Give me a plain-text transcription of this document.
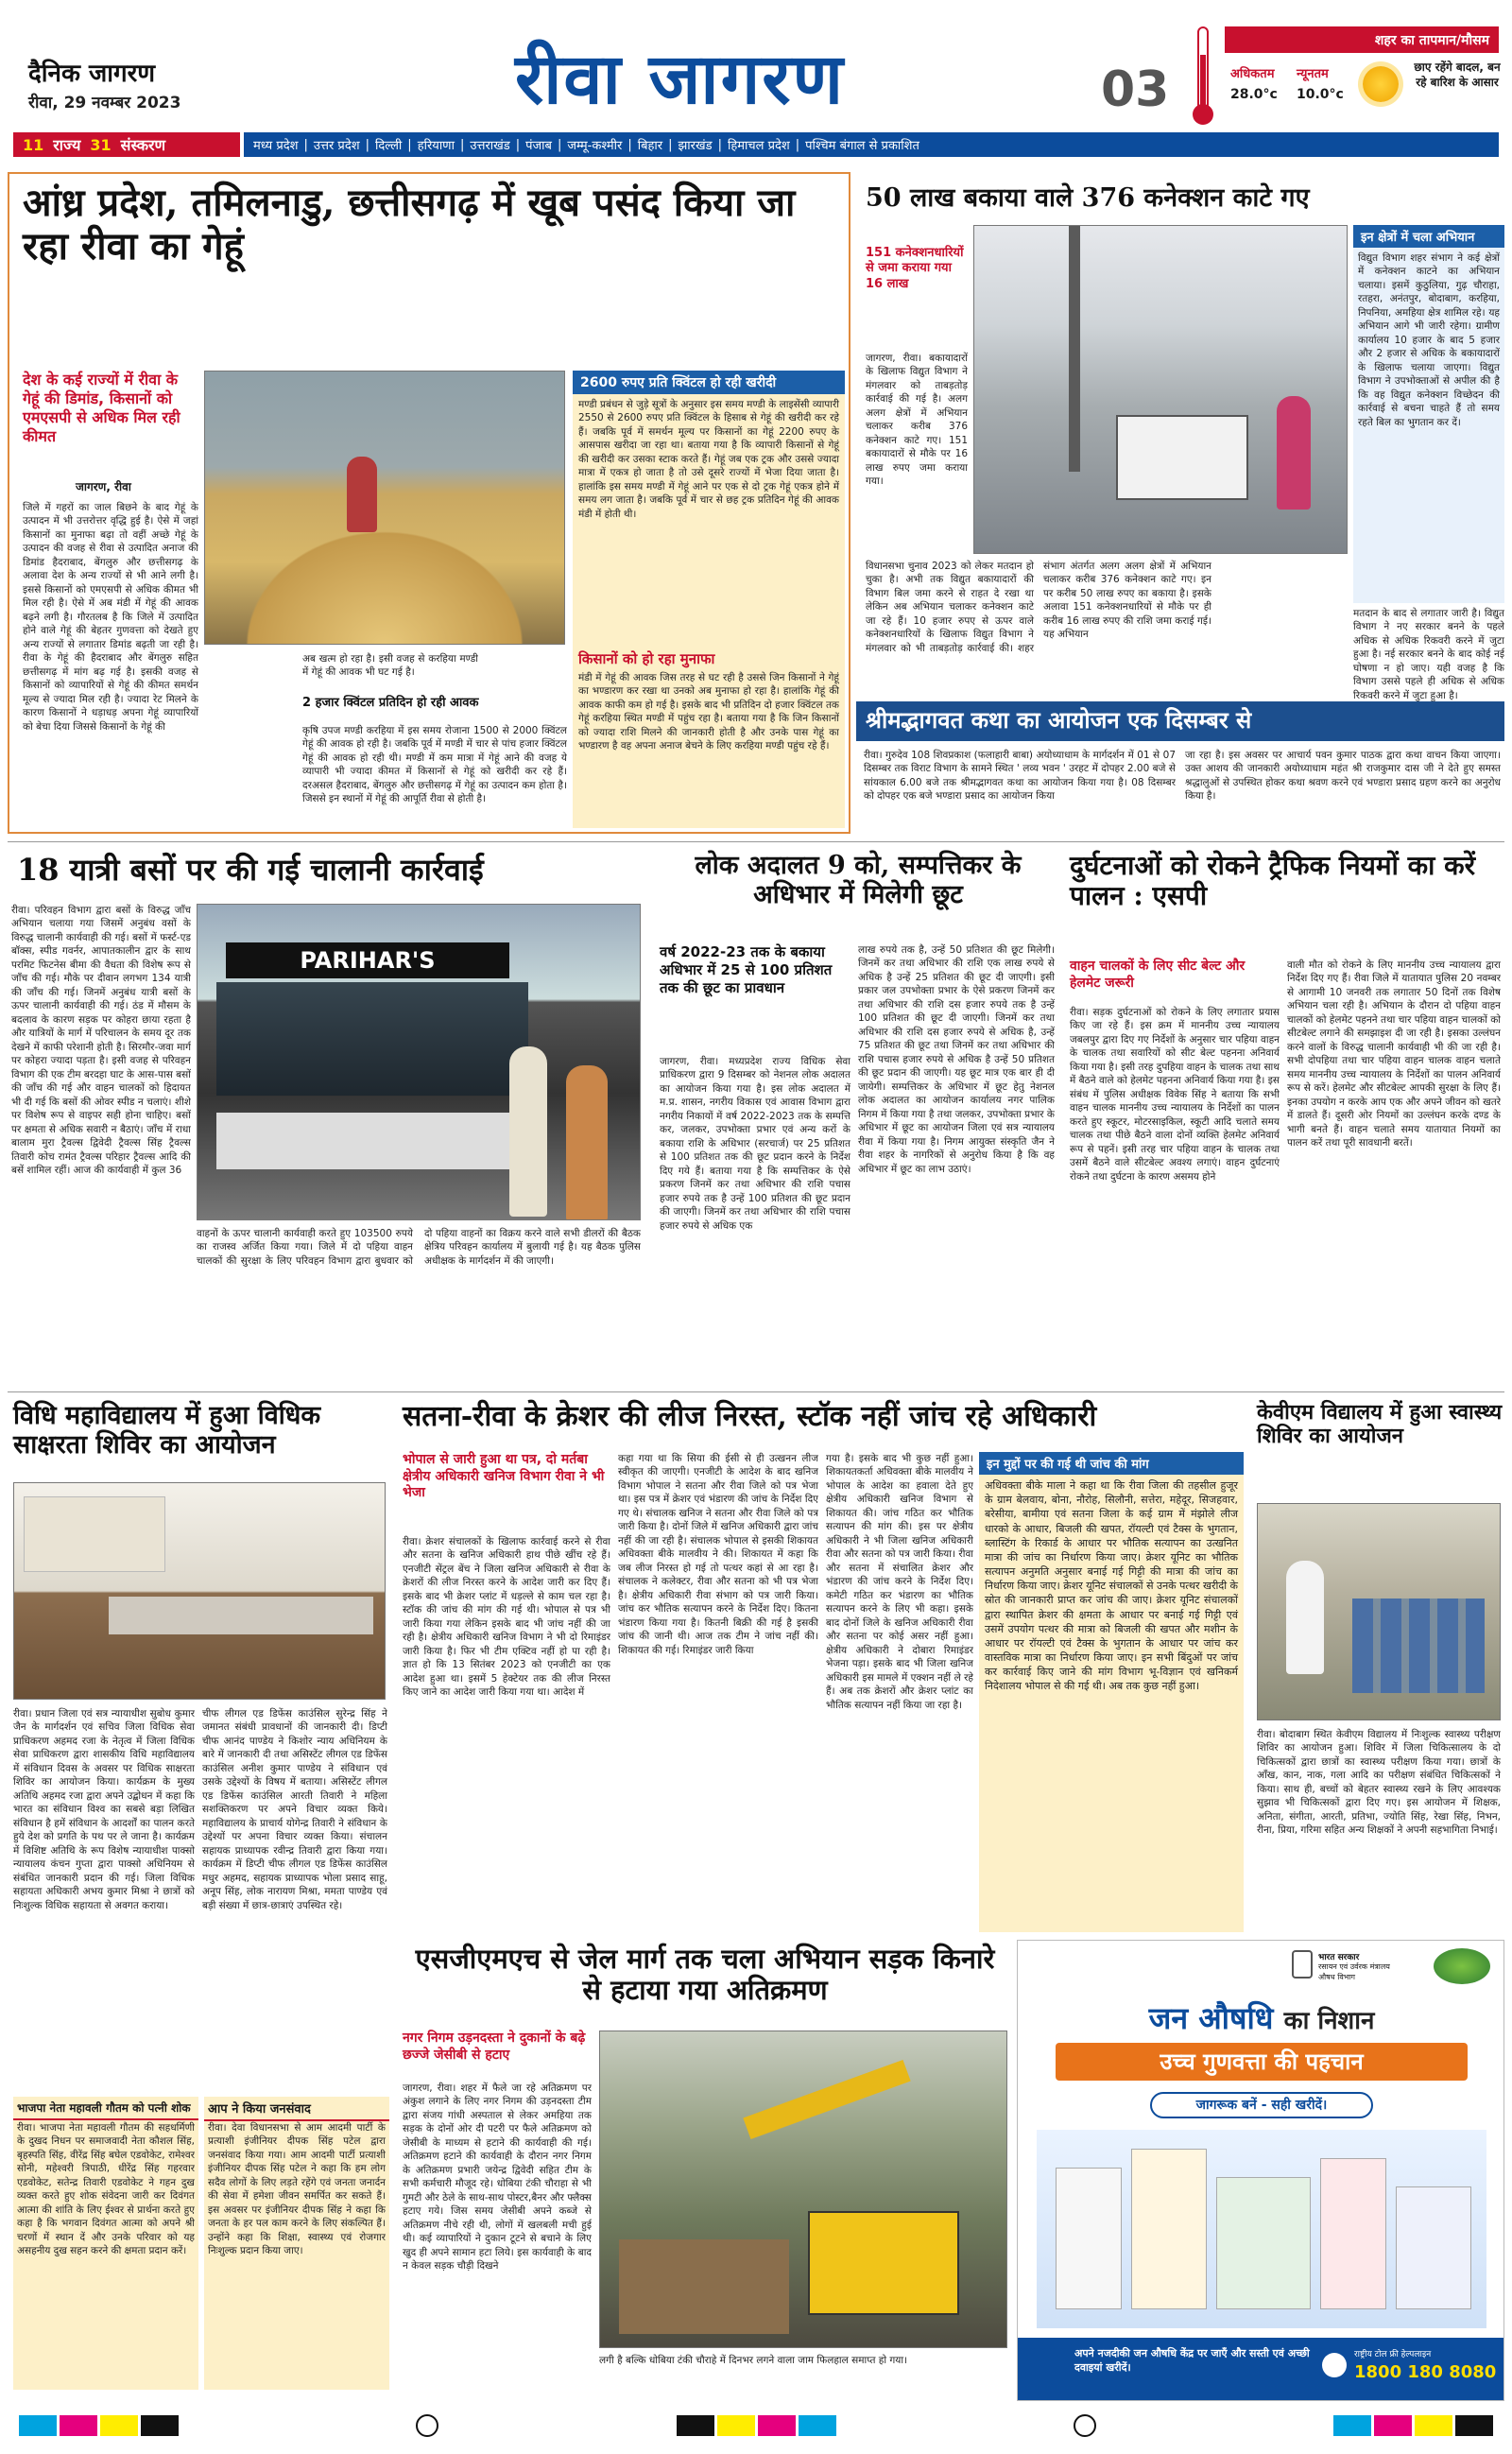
दैनिक जागरण
रीवा, 29 नवम्बर 2023	रीवा जागरण	03
शहर का तापमान/मौसम
अधिकतम न्यूनतम
28.0°c 10.0°c
छाए रहेंगे बादल, बन रहे बारिश के आसार
11 राज्य 31 संस्करण	मध्य प्रदेश | उत्तर प्रदेश | दिल्ली | हरियाणा | उत्तराखंड | पंजाब | जम्मू-कश्मीर | बिहार | झारखंड | हिमाचल प्रदेश | पश्चिम बंगाल से प्रकाशित
आंध्र प्रदेश, तमिलनाडु, छत्तीसगढ़ में खूब पसंद किया जा रहा रीवा का गेहूं
देश के कई राज्यों में रीवा के गेहूं की डिमांड, किसानों को एमएसपी से अधिक मिल रही कीमत
जागरण, रीवा
जिले में गहरों का जाल बिछने के बाद गेहूं के उत्पादन में भी उत्तरोत्तर वृद्धि हुई है। ऐसे में जहां किसानों का मुनाफा बढ़ा तो वहीं अच्छे गेहूं के उत्पादन की वजह से रीवा से उत्पादित अनाज की डिमांड हैदराबाद, बेंगलुरु और छत्तीसगढ़ के अलावा देश के अन्य राज्यों से भी आने लगी है। इससे किसानों को एमएसपी से अधिक कीमत भी मिल रही है। ऐसे में अब मंडी में गेहूं की आवक बढ़ने लगी है। गौरतलब है कि जिले में उत्पादित होने वाले गेहूं की बेहतर गुणवत्ता को देखते हुए अन्य राज्यों से लगातार डिमांड बढ़ती जा रही है। रीवा के गेहूं की हैदराबाद और बेंगलुरु सहित छत्तीसगढ़ में मांग बढ़ गई है। इसकी वजह से किसानों को व्यापारियों से गेहूं की कीमत समर्थन मूल्य से ज्यादा मिल रही है। ज्यादा रेट मिलने के कारण किसानों ने धड़ाधड़ अपना गेहूं व्यापारियों को बेचा दिया जिससे किसानों के गेहूं की
अब खत्म हो रहा है। इसी वजह से करहिया मण्डी में गेहूं की आवक भी घट गई है।
2 हजार क्विंटल प्रतिदिन हो रही आवक
कृषि उपज मण्डी करहिया में इस समय रोजाना 1500 से 2000 क्विंटल गेहूं की आवक हो रही है। जबकि पूर्व में मण्डी में चार से पांच हजार क्विंटल गेहूं की आवक हो रही थी। मण्डी में कम मात्रा में गेहूं आने की वजह ये व्यापारी भी ज्यादा कीमत में किसानों से गेहूं को खरीदी कर रहे हैं। दरअसल हैदराबाद, बेंगलुरु और छत्तीसगढ़ में गेहूं का उत्पादन कम होता है। जिससे इन स्थानों में गेहूं की आपूर्ति रीवा से होती है।
2600 रुपए प्रति क्विंटल हो रही खरीदी
मण्डी प्रबंधन से जुड़े सूत्रों के अनुसार इस समय मण्डी के लाइसेंसी व्यापारी 2550 से 2600 रुपए प्रति क्विंटल के हिसाब से गेहूं की खरीदी कर रहे हैं। जबकि पूर्व में समर्थन मूल्य पर किसानों का गेहूं 2200 रुपए के आसपास खरीदा जा रहा था। बताया गया है कि व्यापारी किसानों से गेहूं की खरीदी कर उसका स्टाक करते हैं। गेहूं जब एक ट्रक और उससे ज्यादा मात्रा में एकत्र हो जाता है तो उसे दूसरे राज्यों में भेजा दिया जाता है। हालांकि इस समय मण्डी में गेहूं आने पर एक से दो ट्रक गेहूं एकत्र होने में समय लग जाता है। जबकि पूर्व में चार से छह ट्रक प्रतिदिन गेहूं की आवक मंडी में होती थी।
किसानों को हो रहा मुनाफा
मंडी में गेहूं की आवक जिस तरह से घट रही है उससे जिन किसानों ने गेहूं का भण्डारण कर रखा था उनको अब मुनाफा हो रहा है। हालांकि गेहूं की आवक काफी कम हो गई है। इसके बाद भी प्रतिदिन दो हजार क्विंटल तक गेहूं करहिया स्थित मण्डी में पहुंच रहा है। बताया गया है कि जिन किसानों को ज्यादा राशि मिलने की जानकारी होती है और उनके पास गेहूं का भण्डारण है वह अपना अनाज बेचने के लिए करहिया मण्डी पहुंच रहे हैं।
50 लाख बकाया वाले 376 कनेक्शन काटे गए
151 कनेक्शनधारियों से जमा कराया गया 16 लाख
जागरण, रीवा। बकायादारों के खिलाफ विद्युत विभाग ने मंगलवार को ताबड़तोड़ कार्रवाई की गई है। अलग अलग क्षेत्रों में अभियान चलाकर करीब 376 कनेक्शन काटे गए। 151 बकायादारों से मौके पर 16 लाख रुपए जमा कराया गया।
इन क्षेत्रों में चला अभियान
विद्युत विभाग शहर संभाग ने कई क्षेत्रों में कनेक्शन काटने का अभियान चलाया। इसमें कुठुलिया, गुढ़ चौराहा, रतहरा, अनंतपुर, बोदाबाग, करहिया, निपनिया, अमहिया क्षेत्र शामिल रहे। यह अभियान आगे भी जारी रहेगा। ग्रामीण कार्यालय 10 हजार के बाद 5 हजार और 2 हजार से अधिक के बकायादारों के खिलाफ चलाया जाएगा। विद्युत विभाग ने उपभोक्ताओं से अपील की है कि वह विद्युत कनेक्शन विच्छेदन की कार्रवाई से बचना चाहते हैं तो समय रहते बिल का भुगतान कर दें।
विधानसभा चुनाव 2023 को लेकर मतदान हो चुका है। अभी तक विद्युत बकायादारों की विभाग बिल जमा करने से राहत दे रखा था लेकिन अब अभियान चलाकर कनेक्शन काटे जा रहे हैं। 10 हजार रुपए से ऊपर वाले कनेक्शनधारियों के खिलाफ विद्युत विभाग ने मंगलवार को भी ताबड़तोड़ कार्रवाई की। शहर संभाग अंतर्गत अलग अलग क्षेत्रों में अभियान चलाकर करीब 376 कनेक्शन काटे गए। इन पर करीब 50 लाख रुपए का बकाया है। इसके अलावा 151 कनेक्शनधारियों से मौके पर ही करीब 16 लाख रुपए की राशि जमा कराई गई। यह अभियान
मतदान के बाद से लगातार जारी है। विद्युत विभाग ने नए सरकार बनने के पहले अधिक से अधिक रिकवरी करने में जुटा हुआ है। नई सरकार बनने के बाद कोई नई घोषणा न हो जाए। यही वजह है कि विभाग उससे पहले ही अधिक से अधिक रिकवरी करने में जुटा हुआ है।
श्रीमद्भागवत कथा का आयोजन एक दिसम्बर से
रीवा। गुरुदेव 108 शिवप्रकाश (फलाहारी बाबा) अयोध्याधाम के मार्गदर्शन में 01 से 07 दिसम्बर तक विराट विभाग के सामने स्थित ' लव्य भवन ' उरहट में दोपहर 2.00 बजे से सांयकाल 6.00 बजे तक श्रीमद्भागवत कथा का आयोजन किया गया है। 08 दिसम्बर को दोपहर एक बजे भण्डारा प्रसाद का आयोजन किया
जा रहा है। इस अवसर पर आचार्य पवन कुमार पाठक द्वारा कथा वाचन किया जाएगा। उक्त आशय की जानकारी अयोध्याधाम महंत श्री राजकुमार दास जी ने देते हुए समस्त श्रद्धालुओं से उपस्थित होकर कथा श्रवण करने एवं भण्डारा प्रसाद ग्रहण करने का अनुरोध किया है।
18 यात्री बसों पर की गई चालानी कार्रवाई
रीवा। परिवहन विभाग द्वारा बसों के विरुद्ध जाँच अभियान चलाया गया जिसमें अनुबंध वसों के विरुद्ध चालानी कार्यवाही की गई। बसों में फर्स्ट-एड बॉक्स, स्पीड गवर्नर, आपातकालीन द्वार के साथ परमिट फिटनेस बीमा की वैधता की विशेष रूप से जाँच की गई। मौके पर दीवान लगभग 134 यात्री की जाँच की गई। जिनमें अनुबंध यात्री बसों के ऊपर चालानी कार्यवाही की गई। ठंड में मौसम के बदलाव के कारण सड़क पर कोहरा छाया रहता है और यात्रियों के मार्ग में परिचालन के समय दूर तक देखने में काफी परेशानी होती है। सिरमौर-जवा मार्ग पर कोहरा ज्यादा पड़ता है। इसी वजह से परिवहन विभाग की एक टीम बरदहा घाट के आस-पास बसों की जाँच की गई और वाहन चालकों को हिदायत भी दी गई कि बसों की ओवर स्पीड न चलाएं। शीशे पर विशेष रूप से वाइपर सही होना चाहिए। बसों पर क्षमता से अधिक सवारी न बैठाएं। जाँच में राधा बालाम मुरा ट्रैवल्स द्विवेदी ट्रैवल्स सिंह ट्रैवल्स तिवारी कोच रामंत ट्रैवल्स परिहार ट्रैवल्स आदि की बसें शामिल रहीं। आज की कार्यवाही में कुल 36
PARIHAR'S
वाहनों के ऊपर चालानी कार्यवाही करते हुए 103500 रुपये का राजस्व अर्जित किया गया। जिले में दो पहिया वाहन चालकों की सुरक्षा के लिए परिवहन विभाग द्वारा बुधवार को दो पहिया वाहनों का विक्रय करने वाले सभी डीलरों की बैठक क्षेत्रिय परिवहन कार्यालय में बुलायी गई है। यह बैठक पुलिस अधीक्षक के मार्गदर्शन में की जाएगी।
लोक अदालत 9 को, सम्पत्तिकर के अधिभार में मिलेगी छूट
वर्ष 2022-23 तक के बकाया अधिभार में 25 से 100 प्रतिशत तक की छूट का प्रावधान
जागरण, रीवा। मध्यप्रदेश राज्य विधिक सेवा प्राधिकरण द्वारा 9 दिसम्बर को नेशनल लोक अदालत का आयोजन किया गया है। इस लोक अदालत में म.प्र. शासन, नगरीय विकास एवं आवास विभाग द्वारा नगरीय निकायों में वर्ष 2022-2023 तक के सम्पत्ति कर, जलकर, उपभोक्ता प्रभार एवं अन्य करों के बकाया राशि के अधिभार (सरचार्ज) पर 25 प्रतिशत से 100 प्रतिशत तक की छूट प्रदान करने के निर्देश दिए गये हैं। बताया गया है कि सम्पत्तिकर के ऐसे प्रकरण जिनमें कर तथा अधिभार की राशि पचास हजार रुपये तक है उन्हें 100 प्रतिशत की छूट प्रदान की जाएगी। जिनमें कर तथा अधिभार की राशि पचास हजार रुपये से अधिक एक
लाख रुपये तक है, उन्हें 50 प्रतिशत की छूट मिलेगी। जिनमें कर तथा अधिभार की राशि एक लाख रुपये से अधिक है उन्हें 25 प्रतिशत की छूट दी जाएगी। इसी प्रकार जल उपभोक्ता प्रभार के ऐसे प्रकरण जिनमें कर तथा अधिभार की राशि दस हजार रुपये तक है उन्हें 100 प्रतिशत की छूट दी जाएगी। जिनमें कर तथा अधिभार की राशि दस हजार रुपये से अधिक है, उन्हें 75 प्रतिशत की छूट तथा जिनमें कर तथा अधिभार की राशि पचास हजार रुपये से अधिक है उन्हें 50 प्रतिशत की छूट प्रदान की जाएगी। यह छूट मात्र एक बार ही दी जायेगी। सम्पत्तिकर के अधिभार में छूट हेतु नेशनल लोक अदालत का आयोजन कार्यालय नगर पालिक निगम में किया गया है तथा जलकर, उपभोक्ता प्रभार के अधिभार में छूट का आयोजन जिला एवं सत्र न्यायालय रीवा में किया गया है। निगम आयुक्त संस्कृति जैन ने रीवा शहर के नागरिकों से अनुरोध किया है कि वह अधिभार में छूट का लाभ उठाएं।
दुर्घटनाओं को रोकने ट्रैफिक नियमों का करें पालन : एसपी
वाहन चालकों के लिए सीट बेल्ट और हेलमेट जरूरी
रीवा। सड़क दुर्घटनाओं को रोकने के लिए लगातार प्रयास किए जा रहे हैं। इस क्रम में माननीय उच्च न्यायालय जबलपुर द्वारा दिए गए निर्देशों के अनुसार चार पहिया वाहन के चालक तथा सवारियों को सीट बेल्ट पहनना अनिवार्य किया गया है। इसी तरह दुपहिया वाहन के चालक तथा साथ में बैठने वाले को हेलमेट पहनना अनिवार्य किया गया है। इस संबंध में पुलिस अधीक्षक विवेक सिंह ने बताया कि सभी वाहन चालक माननीय उच्च न्यायालय के निर्देशों का पालन करते हुए स्कूटर, मोटरसाइकिल, स्कूटी आदि चलाते समय चालक तथा पीछे बैठने वाला दोनों व्यक्ति हेलमेट अनिवार्य रूप से पहनें। इसी तरह चार पहिया वाहन के चालक तथा उसमें बैठने वाले सीटबेल्ट अवश्य लगाएं। वाहन दुर्घटनाएं रोकने तथा दुर्घटना के कारण असमय होने
वाली मौत को रोकने के लिए माननीय उच्च न्यायालय द्वारा निर्देश दिए गए हैं। रीवा जिले में यातायात पुलिस 20 नवम्बर से आगामी 10 जनवरी तक लगातार 50 दिनों तक विशेष अभियान चला रही है। अभियान के दौरान दो पहिया वाहन चालकों को हेलमेट पहनने तथा चार पहिया वाहन चालकों को सीटबेल्ट लगाने की समझाइश दी जा रही है। इसका उल्लंघन करने वालों के विरुद्ध चालानी कार्यवाही भी की जा रही है। सभी दोपहिया तथा चार पहिया वाहन चालक वाहन चलाते समय माननीय उच्च न्यायालय के निर्देशों का पालन अनिवार्य रूप से करें। हेलमेट और सीटबेल्ट आपकी सुरक्षा के लिए हैं। इनका उपयोग न करके आप एक और अपने जीवन को खतरे में डालते हैं। दूसरी ओर नियमों का उल्लंघन करके दण्ड के भागी बनते हैं। वाहन चलाते समय यातायात नियमों का पालन करें तथा पूरी सावधानी बरतें।
विधि महाविद्यालय में हुआ विधिक साक्षरता शिविर का आयोजन
रीवा। प्रधान जिला एवं सत्र न्यायाधीश सुबोध कुमार जैन के मार्गदर्शन एवं सचिव जिला विधिक सेवा प्राधिकरण अहमद रजा के नेतृत्व में जिला विधिक सेवा प्राधिकरण द्वारा शासकीय विधि महाविद्यालय में संविधान दिवस के अवसर पर विधिक साक्षरता शिविर का आयोजन किया। कार्यक्रम के मुख्य अतिथि अहमद रजा द्वारा अपने उद्बोधन में कहा कि भारत का संविधान विश्व का सबसे बड़ा लिखित संविधान है हमें संविधान के आदर्शों का पालन करते हुये देश को प्रगति के पथ पर ले जाना है। कार्यक्रम में विशिष्ट अतिथि के रूप विशेष न्यायाधीश पाक्सो न्यायालय कंचन गुप्ता द्वारा पाक्सो अधिनियम से संबंधित जानकारी प्रदान की गई। जिला विधिक सहायता अधिकारी अभय कुमार मिश्रा ने छात्रों को निःशुल्क विधिक सहायता से अवगत कराया।
चीफ लीगल एड डिफेंस काउंसिल सुरेन्द्र सिंह ने जमानत संबंधी प्रावधानों की जानकारी दी। डिप्टी चीफ आनंद पाण्डेय ने किशोर न्याय अधिनियम के बारे में जानकारी दी तथा असिस्टेंट लीगल एड डिफेंस काउंसिल अनीश कुमार पाण्डेय ने संविधान एवं उसके उद्देश्यों के विषय में बताया। असिस्टेंट लीगल एड डिफेंस काउंसिल आरती तिवारी ने महिला सशक्तिकरण पर अपने विचार व्यक्त किये। महाविद्यालय के प्राचार्य योगेन्द्र तिवारी ने संविधान के उद्देश्यों पर अपना विचार व्यक्त किया। संचालन सहायक प्राध्यापक रवीन्द्र तिवारी द्वारा किया गया। कार्यक्रम में डिप्टी चीफ लीगल एड डिफेंस काउंसिल मधुर अहमद, सहायक प्राध्यापक भोला प्रसाद साहू, अनूप सिंह, लोक नारायण मिश्रा, ममता पाण्डेय एवं बड़ी संख्या में छात्र-छात्राएं उपस्थित रहे।
भाजपा नेता महावली गौतम को पत्नी शोक
रीवा। भाजपा नेता महावली गौतम की सहधर्मिणी के दुखद निधन पर समाजवादी नेता कौशल सिंह, बृहस्पति सिंह, वीरेंद्र सिंह बघेल एडवोकेट, रामेश्वर सोनी, महेश्वरी त्रिपाठी, धीरेंद्र सिंह गहरवार एडवोकेट, सतेन्द्र तिवारी एडवोकेट ने गहन दुख व्यक्त करते हुए शोक संवेदना जारी कर दिवंगत आत्मा की शांति के लिए ईश्वर से प्रार्थना करते हुए कहा है कि भगवान दिवंगत आत्मा को अपने श्री चरणों में स्थान दें और उनके परिवार को यह असहनीय दुख सहन करने की क्षमता प्रदान करें।
आप ने किया जनसंवाद
रीवा। देवा विधानसभा से आम आदमी पार्टी के प्रत्याशी इंजीनियर दीपक सिंह पटेल द्वारा जनसंवाद किया गया। आम आदमी पार्टी प्रत्याशी इंजीनियर दीपक सिंह पटेल ने कहा कि हम लोग सदैव लोगों के लिए लड़ते रहेंगे एवं जनता जनार्दन की सेवा में हमेशा जीवन समर्पित कर सकते हैं। इस अवसर पर इंजीनियर दीपक सिंह ने कहा कि जनता के हर पल काम करने के लिए संकल्पित हैं। उन्होंने कहा कि शिक्षा, स्वास्थ्य एवं रोजगार निःशुल्क प्रदान किया जाए।
सतना-रीवा के क्रेशर की लीज निरस्त, स्टॉक नहीं जांच रहे अधिकारी
भोपाल से जारी हुआ था पत्र, दो मर्तबा क्षेत्रीय अधिकारी खनिज विभाग रीवा ने भी भेजा
रीवा। क्रेशर संचालकों के खिलाफ कार्रवाई करने से रीवा और सतना के खनिज अधिकारी हाथ पीछे खींच रहे हैं। एनजीटी सेंट्रल बेंच ने जिला खनिज अधिकारी से रीवा के क्रेशरों की लीज निरस्त करने के आदेश जारी कर दिए हैं। इसके बाद भी क्रेशर प्लांट में धड़ल्ले से काम चल रहा है। स्टॉक की जांच की मांग की गई थी। भोपाल से पत्र भी जारी किया गया लेकिन इसके बाद भी जांच नहीं की जा रही है। क्षेत्रीय अधिकारी खनिज विभाग ने भी दो रिमाइंडर जारी किया है। फिर भी टीम एक्टिव नहीं हो पा रही है। ज्ञात हो कि 13 सितंबर 2023 को एनजीटी का एक आदेश हुआ था। इसमें 5 हेक्टेयर तक की लीज निरस्त किए जाने का आदेश जारी किया गया था। आदेश में
कहा गया था कि सिया की ईसी से ही उत्खनन लीज स्वीकृत की जाएगी। एनजीटी के आदेश के बाद खनिज विभाग भोपाल ने सतना और रीवा जिले को पत्र भेजा था। इस पत्र में क्रेशर एवं भंडारण की जांच के निर्देश दिए गए थे। संचालक खनिज ने सतना और रीवा जिले को पत्र जारी किया है। दोनों जिले में खनिज अधिकारी द्वारा जांच नहीं की जा रही है। संचालक भोपाल से इसकी शिकायत अधिवक्ता बीके मालवीय ने की। शिकायत में कहा कि जब लीज निरस्त हो गई तो पत्थर कहां से आ रहा है। संचालक ने कलेक्टर, रीवा और सतना को भी पत्र भेजा है। क्षेत्रीय अधिकारी रीवा संभाग को पत्र जारी किया। जांच कर भौतिक सत्यापन करने के निर्देश दिए। कितना भंडारण किया गया है। कितनी बिक्री की गई है इसकी जांच की जानी थी। आज तक टीम ने जांच नहीं की। शिकायत की गई। रिमाइंडर जारी किया
गया है। इसके बाद भी कुछ नहीं हुआ। शिकायतकर्ता अधिवक्ता बीके मालवीय ने भोपाल के आदेश का हवाला देते हुए क्षेत्रीय अधिकारी खनिज विभाग से शिकायत की। जांच गठित कर भौतिक सत्यापन की मांग की। इस पर क्षेत्रीय अधिकारी ने भी जिला खनिज अधिकारी रीवा और सतना को पत्र जारी किया। रीवा और सतना में संचालित क्रेशर और भंडारण की जांच करने के निर्देश दिए। कमेटी गठित कर भंडारण का भौतिक सत्यापन करने के लिए भी कहा। इसके बाद दोनों जिले के खनिज अधिकारी रीवा और सतना पर कोई असर नहीं हुआ। क्षेत्रीय अधिकारी ने दोबारा रिमाइंडर भेजना पड़ा। इसके बाद भी जिला खनिज अधिकारी इस मामले में एक्शन नहीं ले रहे हैं। अब तक क्रेशरों और क्रेशर प्लांट का भौतिक सत्यापन नहीं किया जा रहा है।
इन मुद्दों पर की गई थी जांच की मांग
अधिवक्ता बीके माला ने कहा था कि रीवा जिला की तहसील हुजूर के ग्राम बेलवाय, बोना, नौरोह, सिलौनी, सत्तेरा, महेदूर, सिजहवार, बरेसीया, बामीया एवं सतना जिला के कई ग्राम में मंझोले लीज धारको के आधार, बिजली की खपत, रॉयल्टी एवं टैक्स के भुगतान, ब्लास्टिंग के रिकार्ड के आधार पर भौतिक सत्यापन का उत्खनित मात्रा की जांच का निर्धारण किया जाए। क्रेशर यूनिट का भौतिक सत्यापन अनुमति अनुसार बनाई गई गिट्टी की मात्रा की जांच का निर्धारण किया जाए। क्रेशर यूनिट संचालकों से उनके पत्थर खरीदी के स्रोत की जानकारी प्राप्त कर जांच की जाए। क्रेशर यूनिट संचालकों द्वारा स्थापित क्रेशर की क्षमता के आधार पर बनाई गई गिट्टी एवं उसमें उपयोग पत्थर की मात्रा को बिजली की खपत और मशीन के आधार पर रॉयल्टी एवं टैक्स के भुगतान के आधार पर जांच कर वास्तविक मात्रा का निर्धारण किया जाए। इन सभी बिंदुओं पर जांच कर कार्रवाई किए जाने की मांग विभाग भू-विज्ञान एवं खनिकर्म निदेशालय भोपाल से की गई थी। अब तक कुछ नहीं हुआ।
केवीएम विद्यालय में हुआ स्वास्थ्य शिविर का आयोजन
रीवा। बोदाबाग स्थित केवीएम विद्यालय में निःशुल्क स्वास्थ्य परीक्षण शिविर का आयोजन हुआ। शिविर में जिला चिकित्सालय के दो चिकित्सकों द्वारा छात्रों का स्वास्थ्य परीक्षण किया गया। छात्रों के आँख, कान, नाक, गला आदि का परीक्षण संबंधित चिकित्सकों ने किया। साथ ही, बच्चों को बेहतर स्वास्थ्य रखने के लिए आवश्यक सुझाव भी चिकित्सकों द्वारा दिए गए। इस आयोजन में शिक्षक, अनिता, संगीता, आरती, प्रतिभा, ज्योति सिंह, रेखा सिंह, निभन, रीना, प्रिया, गरिमा सहित अन्य शिक्षकों ने अपनी सहभागिता निभाई।
एसजीएमएच से जेल मार्ग तक चला अभियान सड़क किनारे से हटाया गया अतिक्रमण
नगर निगम उड़नदस्ता ने दुकानों के बढ़े छज्जे जेसीबी से हटाए
जागरण, रीवा। शहर में फैले जा रहे अतिक्रमण पर अंकुश लगाने के लिए नगर निगम की उड़नदस्ता टीम द्वारा संजय गांधी अस्पताल से लेकर अमहिया तक सड़क के दोनों ओर दी पटरी पर फैले अतिक्रमण को जेसीबी के माध्यम से हटाने की कार्यवाही की गई। अतिक्रमण हटाने की कार्यवाही के दौरान नगर निगम के अतिक्रमण प्रभारी जयेन्द्र द्विवेदी सहित टीम के सभी कर्मचारी मौजूद रहे। धोबिया टंकी चौराहा से भी गुमटी और ठेले के साथ-साथ पोस्टर,बैनर और फ्लैक्स हटाए गये। जिस समय जेसीबी अपने कब्जे से अतिक्रमण नीचे रही थी, लोगों में खलबली मची हुई थी। कई व्यापारियों ने दुकान टूटने से बचाने के लिए खुद ही अपने सामान हटा लिये। इस कार्यवाही के बाद न केवल सड़क चौड़ी दिखने
लगी है बल्कि धोबिया टंकी चौराहे में दिनभर लगने वाला जाम फिलहाल समाप्त हो गया।
भारत सरकार
रसायन एवं उर्वरक मंत्रालय
औषध विभाग
जन औषधि का निशान
उच्च गुणवत्ता की पहचान
जागरूक बनें - सही खरीदें।
अपने नजदीकी जन औषधि केंद्र पर जाएँ और सस्ती एवं अच्छी दवाइयां खरीदें।
राष्ट्रीय टोल फ्री हेल्पलाइन
1800 180 8080
